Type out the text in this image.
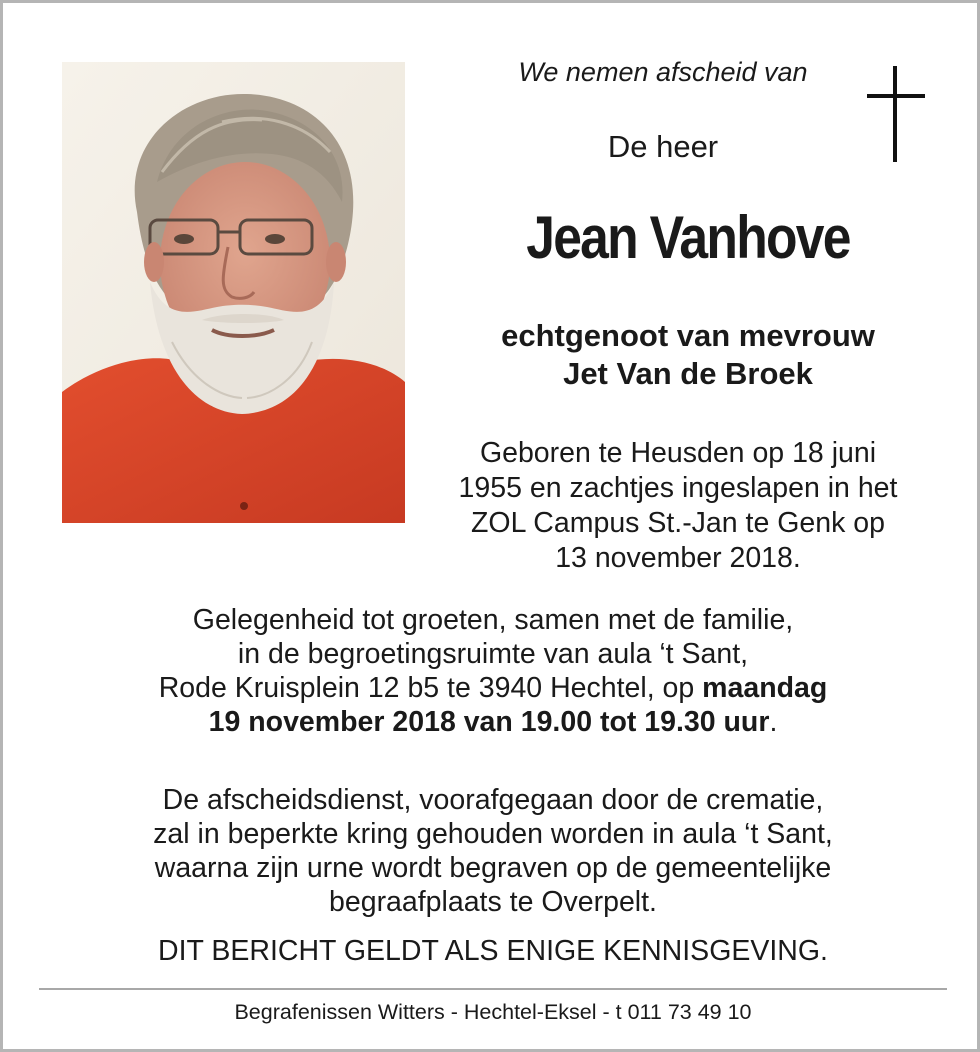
We nemen afscheid van
De heer
Jean Vanhove
echtgenoot van mevrouw
Jet Van de Broek
Geboren te Heusden op 18 juni
1955 en zachtjes ingeslapen in het
ZOL Campus St.-Jan te Genk op
13 november 2018.
Gelegenheid tot groeten, samen met de familie,
in de begroetingsruimte van aula ‘t Sant,
Rode Kruisplein 12 b5 te 3940 Hechtel, op maandag
19 november 2018 van 19.00 tot 19.30 uur.
De afscheidsdienst, voorafgegaan door de crematie,
zal in beperkte kring gehouden worden in aula ‘t Sant,
waarna zijn urne wordt begraven op de gemeentelijke
begraafplaats te Overpelt.
DIT BERICHT GELDT ALS ENIGE KENNISGEVING.
Begrafenissen Witters - Hechtel-Eksel - t 011 73 49 10
